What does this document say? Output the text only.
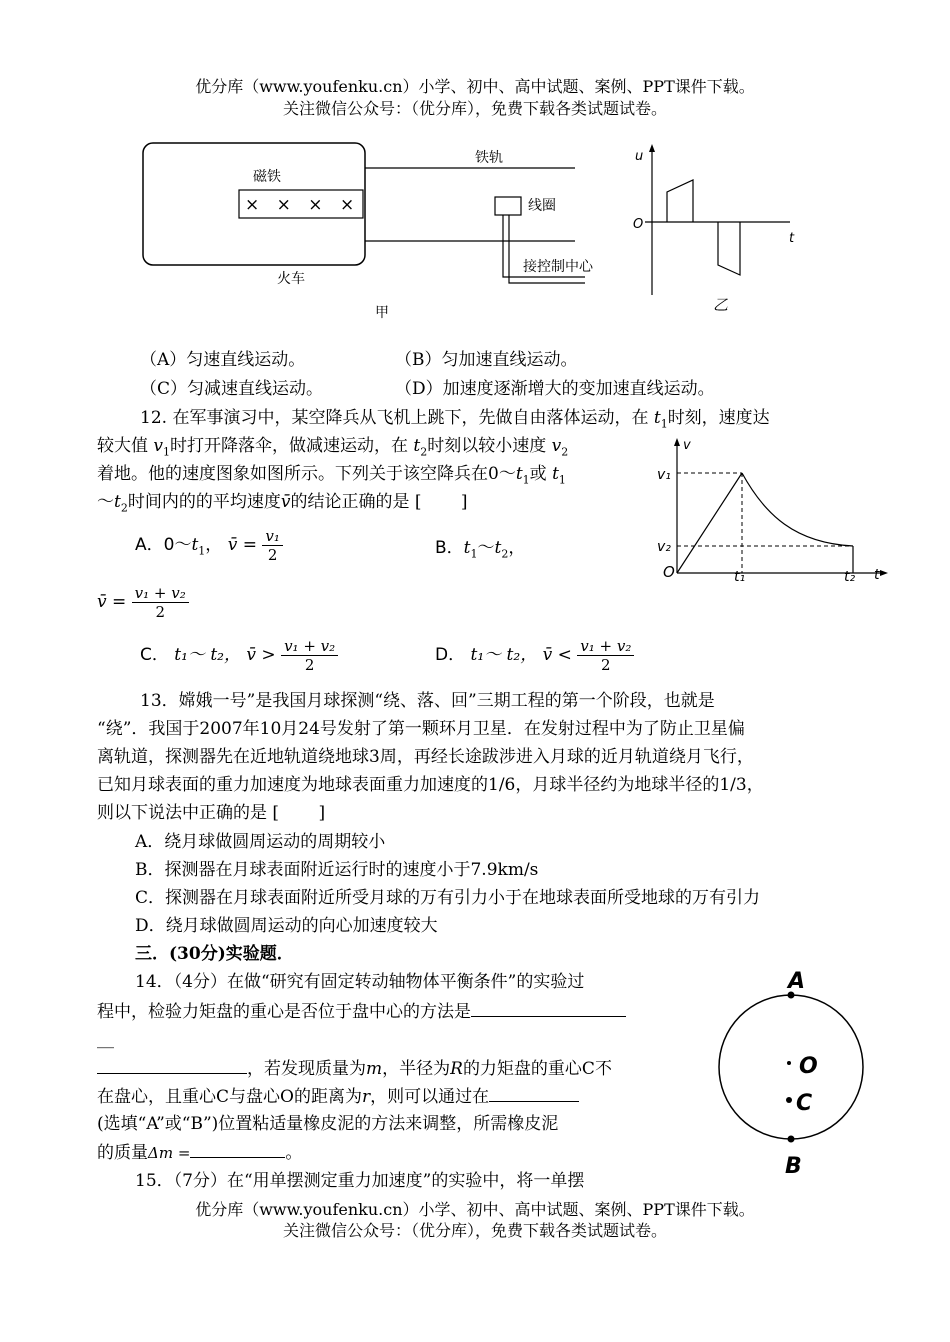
优分库（www.youfenku.cn）小学、初中、高中试题、案例、PPT课件下载。
关注微信公众号：（优分库），免费下载各类试题试卷。
磁铁
× × × ×
铁轨
线圈
接控制中心
火车
甲
u
t
O
乙
（A）匀速直线运动。	（B）匀加速直线运动。
（C）匀减速直线运动。	（D）加速度逐渐增大的变加速直线运动。
12. 在军事演习中，某空降兵从飞机上跳下，先做自由落体运动，在 $t_1$时刻，速度达
较大值 $v_1$时打开降落伞，做减速运动，在 $t_2$时刻以较小速度 $v_2$
着地。他的速度图象如图所示。下列关于该空降兵在$0\sim t_1$或 $t_1$
$\sim t_2$时间内的的平均速度v̄的结论正确的是 [　　 ]
A．$0\sim t_1$， v̄ = $\frac{\text{v₁}}{2}$	B．$t_1\sim t_2$，
v̄ = $\frac{\text{v₁ + v₂}}{2}$
C． t₁～ t₂， v̄ > $\frac{\text{v₁ + v₂}}{2}$	D． t₁～ t₂， v̄ < $\frac{\text{v₁ + v₂}}{2}$
v
t
v₁
v₂
O	t₁	t₂
13．嫦娥一号”是我国月球探测“绕、落、回”三期工程的第一个阶段，也就是
“绕”．我国于2007年10月24号发射了第一颗环月卫星．在发射过程中为了防止卫星偏
离轨道，探测器先在近地轨道绕地球3周，再经长途跋涉进入月球的近月轨道绕月飞行，
已知月球表面的重力加速度为地球表面重力加速度的1/6，月球半径约为地球半径的1/3，
则以下说法中正确的是 [　　 ]
A．绕月球做圆周运动的周期较小
B．探测器在月球表面附近运行时的速度小于7.9km/s
C．探测器在月球表面附近所受月球的万有引力小于在地球表面所受地球的万有引力
D．绕月球做圆周运动的向心加速度较大
三．(30分)实验题．
14．（4分）在做“研究有固定转动轴物体平衡条件”的实验过
程中，检验力矩盘的重心是否位于盘中心的方法是
__
，若发现质量为m，半径为R的力矩盘的重心C不
在盘心，且重心C与盘心O的距离为r，则可以通过在
(选填“A”或“B”)位置粘适量橡皮泥的方法来调整，所需橡皮泥
的质量Δm =	。
A
O
C
B
15．（7分）在“用单摆测定重力加速度”的实验中，将一单摆
优分库（www.youfenku.cn）小学、初中、高中试题、案例、PPT课件下载。
关注微信公众号：（优分库），免费下载各类试题试卷。
